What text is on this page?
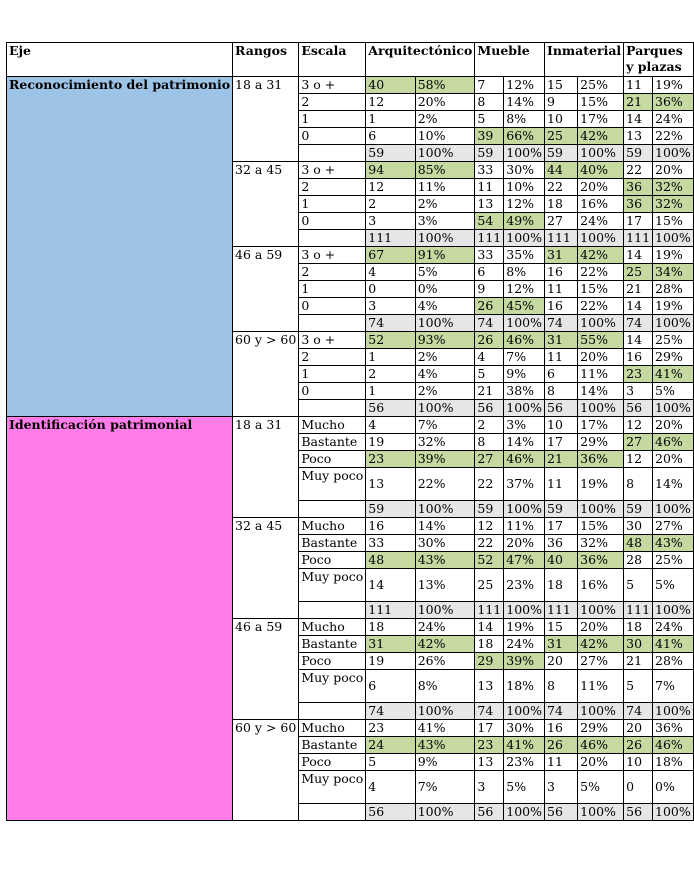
Eje	Rangos	Escala	Arquitectónico		Mueble		Inmaterial		Parques y plazas	
Reconocimiento del patrimonio	18 a 31	3 o +	40	58%	7	12%	15	25%	11	19%
		2	12	20%	8	14%	9	15%	21	36%
		1	1	2%	5	8%	10	17%	14	24%
		0	6	10%	39	66%	25	42%	13	22%
			59	100%	59	100%	59	100%	59	100%
	32 a 45	3 o +	94	85%	33	30%	44	40%	22	20%
		2	12	11%	11	10%	22	20%	36	32%
		1	2	2%	13	12%	18	16%	36	32%
		0	3	3%	54	49%	27	24%	17	15%
			111	100%	111	100%	111	100%	111	100%
	46 a 59	3 o +	67	91%	33	35%	31	42%	14	19%
		2	4	5%	6	8%	16	22%	25	34%
		1	0	0%	9	12%	11	15%	21	28%
		0	3	4%	26	45%	16	22%	14	19%
			74	100%	74	100%	74	100%	74	100%
	60 y > 60	3 o +	52	93%	26	46%	31	55%	14	25%
		2	1	2%	4	7%	11	20%	16	29%
		1	2	4%	5	9%	6	11%	23	41%
		0	1	2%	21	38%	8	14%	3	5%
			56	100%	56	100%	56	100%	56	100%
Identificación patrimonial	18 a 31	Mucho	4	7%	2	3%	10	17%	12	20%
		Bastante	19	32%	8	14%	17	29%	27	46%
		Poco	23	39%	27	46%	21	36%	12	20%
		Muy poco	13	22%	22	37%	11	19%	8	14%
			59	100%	59	100%	59	100%	59	100%
	32 a 45	Mucho	16	14%	12	11%	17	15%	30	27%
		Bastante	33	30%	22	20%	36	32%	48	43%
		Poco	48	43%	52	47%	40	36%	28	25%
		Muy poco	14	13%	25	23%	18	16%	5	5%
			111	100%	111	100%	111	100%	111	100%
	46 a 59	Mucho	18	24%	14	19%	15	20%	18	24%
		Bastante	31	42%	18	24%	31	42%	30	41%
		Poco	19	26%	29	39%	20	27%	21	28%
		Muy poco	6	8%	13	18%	8	11%	5	7%
			74	100%	74	100%	74	100%	74	100%
	60 y > 60	Mucho	23	41%	17	30%	16	29%	20	36%
		Bastante	24	43%	23	41%	26	46%	26	46%
		Poco	5	9%	13	23%	11	20%	10	18%
		Muy poco	4	7%	3	5%	3	5%	0	0%
			56	100%	56	100%	56	100%	56	100%
